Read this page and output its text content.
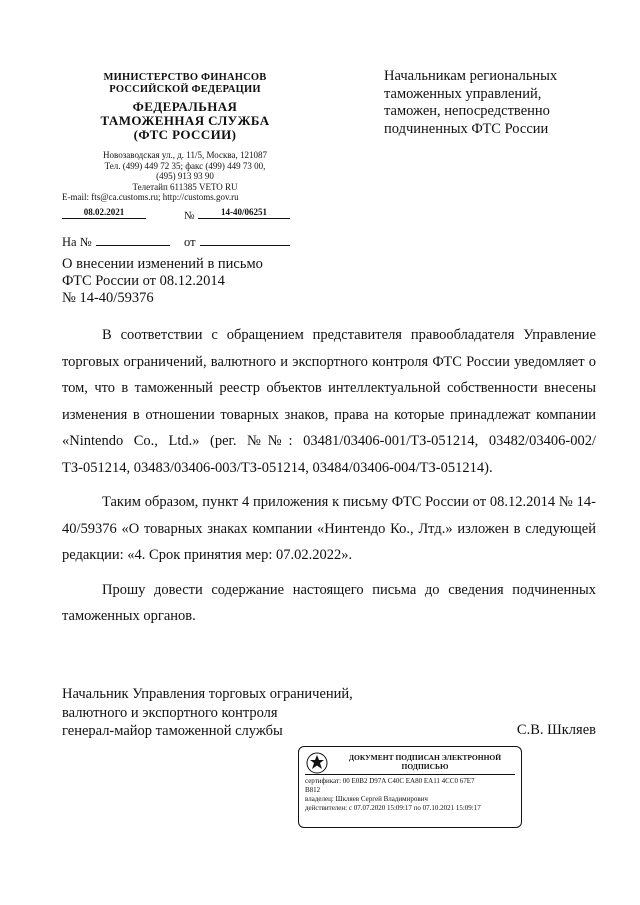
МИНИСТЕРСТВО ФИНАНСОВ
РОССИЙСКОЙ ФЕДЕРАЦИИ
ФЕДЕРАЛЬНАЯ
ТАМОЖЕННАЯ СЛУЖБА
(ФТС РОССИИ)
Новозаводская ул., д. 11/5, Москва, 121087
Тел. (499) 449 72 35; факс (499) 449 73 00,
(495) 913 93 90
Телетайп 611385 VETO RU
E-mail: fts@ca.customs.ru; http://customs.gov.ru
08.02.2021	№	14-40/06251
На №	от
Начальникам региональных
таможенных управлений,
таможен, непосредственно
подчиненных ФТС России
О внесении изменений в письмо
ФТС России от 08.12.2014
№ 14-40/59376

В соответствии с обращением представителя правообладателя Управление торговых ограничений, валютного и экспортного контроля ФТС России уведомляет о том, что в таможенный реестр объектов интеллектуальной собственности внесены изменения в отношении товарных знаков, права на которые принадлежат компании «Nintendo Co., Ltd.» (рег. №№: 03481/03406-001/ТЗ-051214, 03482/03406-002/ТЗ-051214, 03483/03406-003/ТЗ-051214, 03484/03406-004/ТЗ-051214).

Таким образом, пункт 4 приложения к письму ФТС России от 08.12.2014 № 14-40/59376 «О товарных знаках компании «Нинтендо Ко., Лтд.» изложен в следующей редакции: «4. Срок принятия мер: 07.02.2022».

Прошу довести содержание настоящего письма до сведения подчиненных таможенных органов.

Начальник Управления торговых ограничений,
валютного и экспортного контроля
генерал-майор таможенной службы	С.В. Шкляев
ДОКУМЕНТ ПОДПИСАН ЭЛЕКТРОННОЙ
ПОДПИСЬЮ
сертификат: 00 E0B2 D97A C40C EA80 EA11 4CC0 67E7
B812
владелец: Шкляев Сергей Владимирович
действителен: с 07.07.2020 15:09:17 по 07.10.2021 15:09:17
